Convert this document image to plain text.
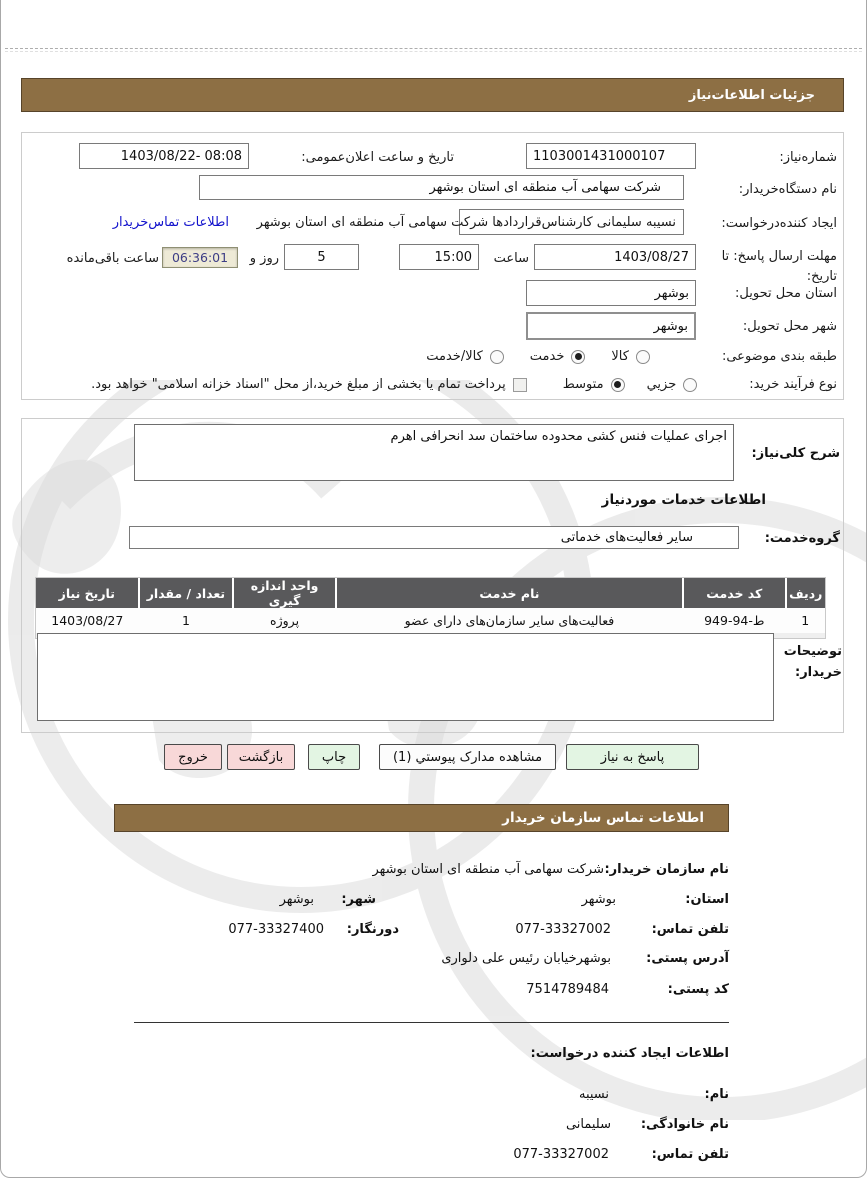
جزئیات اطلاعات‌نیاز
شماره‌نیاز:
1103001431000107
تاریخ و ساعت اعلان‌عمومی:
1403/08/22- 08:08
نام دستگاه‌خریدار:
شرکت سهامی آب منطقه ای استان بوشهر
ایجاد کننده‌درخواست:
اطلاعات تماس‌خریدار نسیبه سلیمانی کارشناس‌قراردادها شرکت سهامی آب منطقه ای استان بوشهر
مهلت ارسال پاسخ: تا تاریخ:
1403/08/27
ساعت
15:00
5
روز و
06:36:01
ساعت باقی‌مانده
استان محل تحویل:
بوشهر
شهر محل تحویل:
بوشهر
طبقه بندی موضوعی:
کالا
خدمت
کالا/خدمت
نوع فرآیند خرید:
جزيي
متوسط
پرداخت تمام یا بخشی از مبلغ خرید،از محل "اسناد خزانه اسلامی" خواهد بود.
شرح کلی‌نیاز:
اجرای عملیات فنس کشی محدوده ساختمان سد انحرافی اهرم
اطلاعات خدمات موردنیاز
گروه‌خدمت:
سایر فعالیت‌های خدماتی
ردیف	کد خدمت	نام خدمت	واحد اندازه گیری	تعداد / مقدار	تاریخ نیاز
1	ط-94-949	فعالیت‌های سایر سازمان‌های دارای عضو	پروژه	1	1403/08/27
توضیحات خریدار:
پاسخ به نیاز
مشاهده مدارک پیوستي (1)
چاپ
بازگشت
خروج
اطلاعات تماس سازمان خریدار
نام سازمان خریدار:
شرکت سهامی آب منطقه ای استان بوشهر
استان:
بوشهر
شهر:
بوشهر
تلفن تماس:
077-33327002
دورنگار:
077-33327400
آدرس پستی:
بوشهرخیابان رئیس علی دلواری
کد پستی:
7514789484
اطلاعات ایجاد کننده درخواست:
نام:
نسیبه
نام خانوادگی:
سلیمانی
تلفن تماس:
077-33327002
